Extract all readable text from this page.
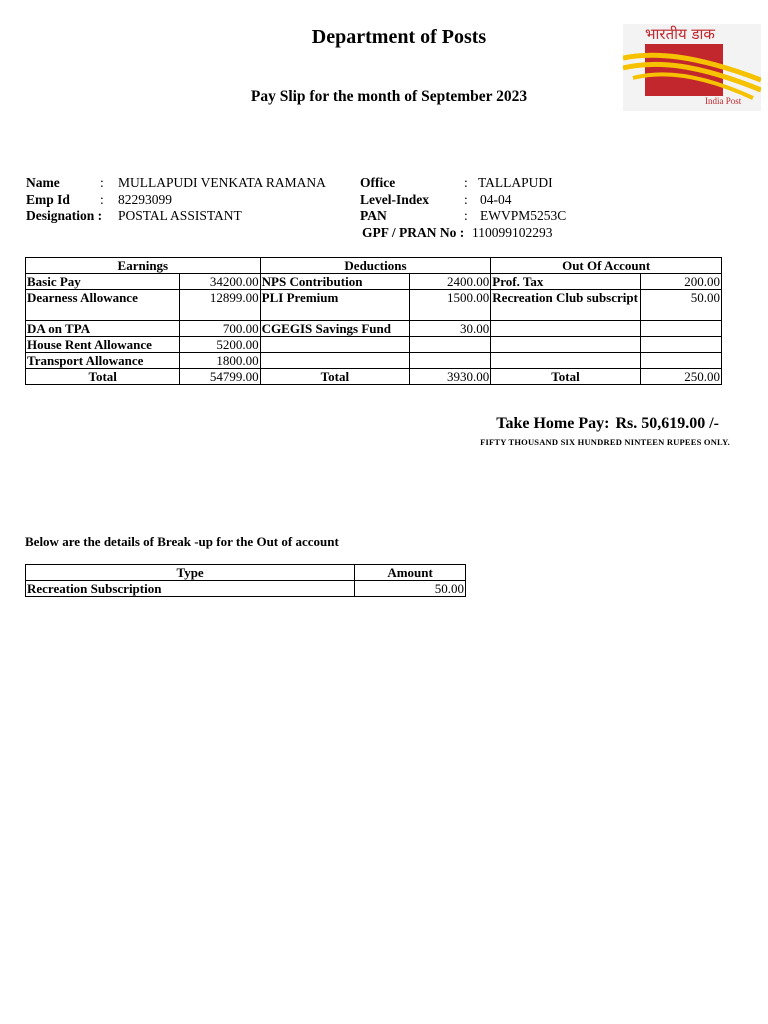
Department of Posts
Pay Slip for the month of September 2023
भारतीय डाक
India Post
Name	: MULLAPUDI VENKATA RAMANA
Emp Id : 82293099
Designation : POSTAL ASSISTANT
Office	: TALLAPUDI
Level-Index	: 04-04
PAN	: EWVPM5253C
GPF / PRAN No : 110099102293
Earnings		Deductions		Out Of Account	
Basic Pay	34200.00	NPS Contribution	2400.00	Prof. Tax	200.00
Dearness Allowance	12899.00	PLI Premium	1500.00	Recreation Club subscript	50.00
DA on TPA	700.00	CGEGIS Savings Fund	30.00		
House Rent Allowance	5200.00				
Transport Allowance	1800.00				
Total	54799.00	Total	3930.00	Total	250.00
Take Home Pay: Rs. 50,619.00 /-
FIFTY THOUSAND SIX HUNDRED NINTEEN RUPEES ONLY.
Below are the details of Break -up for the Out of account
Type	Amount
Recreation Subscription	50.00
